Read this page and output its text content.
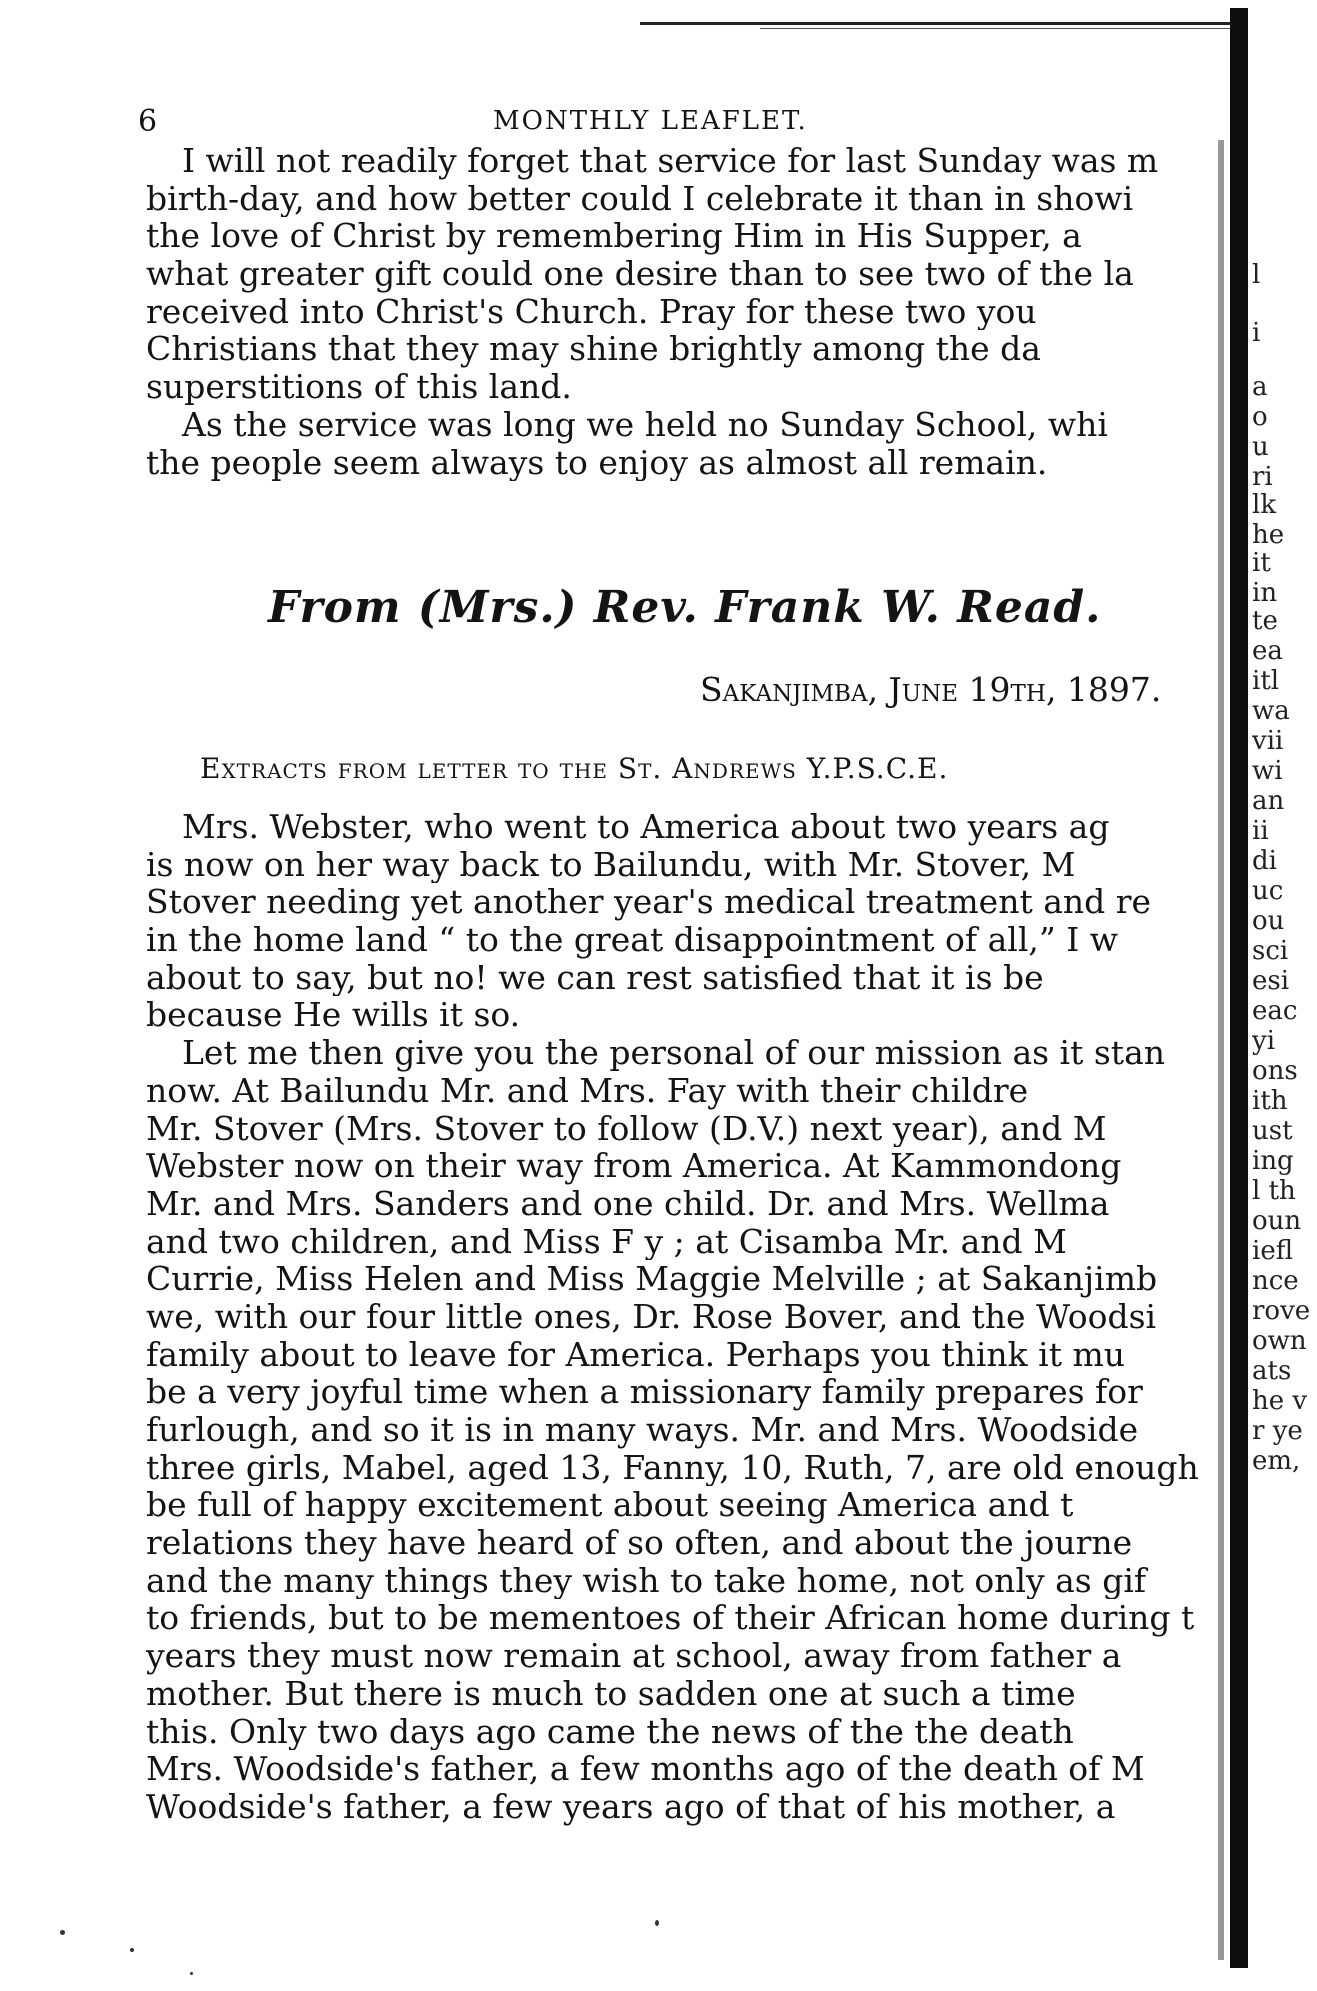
6	MONTHLY LEAFLET.
I will not readily forget that service for last Sunday was m
birth-day, and how better could I celebrate it than in showi
the love of Christ by remembering Him in His Supper, a
what greater gift could one desire than to see two of the la
received into Christ's Church. Pray for these two you
Christians that they may shine brightly among the da
superstitions of this land.
As the service was long we held no Sunday School, whi
the people seem always to enjoy as almost all remain.
From (Mrs.) Rev. Frank W. Read.
Sakanjimba, June 19th, 1897.
Extracts from letter to the St. Andrews Y.P.S.C.E.
Mrs. Webster, who went to America about two years ag
is now on her way back to Bailundu, with Mr. Stover, M
Stover needing yet another year's medical treatment and re
in the home land “ to the great disappointment of all,” I w
about to say, but no! we can rest satisfied that it is be
because He wills it so.
Let me then give you the personal of our mission as it stan
now. At Bailundu Mr. and Mrs. Fay with their childre
Mr. Stover (Mrs. Stover to follow (D.V.) next year), and M
Webster now on their way from America. At Kammondong
Mr. and Mrs. Sanders and one child. Dr. and Mrs. Wellma
and two children, and Miss F y ; at Cisamba Mr. and M
Currie, Miss Helen and Miss Maggie Melville ; at Sakanjimb
we, with our four little ones, Dr. Rose Bover, and the Woodsi
family about to leave for America. Perhaps you think it mu
be a very joyful time when a missionary family prepares for
furlough, and so it is in many ways. Mr. and Mrs. Woodside
three girls, Mabel, aged 13, Fanny, 10, Ruth, 7, are old enough
be full of happy excitement about seeing America and t
relations they have heard of so often, and about the journe
and the many things they wish to take home, not only as gif
to friends, but to be mementoes of their African home during t
years they must now remain at school, away from father a
mother. But there is much to sadden one at such a time
this. Only two days ago came the news of the the death
Mrs. Woodside's father, a few months ago of the death of M
Woodside's father, a few years ago of that of his mother, a
l
i
a
o
u
ri
lk
he
it
in
te
ea
itl
wa
vii
wi
an
ii
di
uc
ou
sci
esi
eac
yi
ons
ith
ust
ing
l th
oun
iefl
nce
rove
own
ats
he v
r ye
em,
